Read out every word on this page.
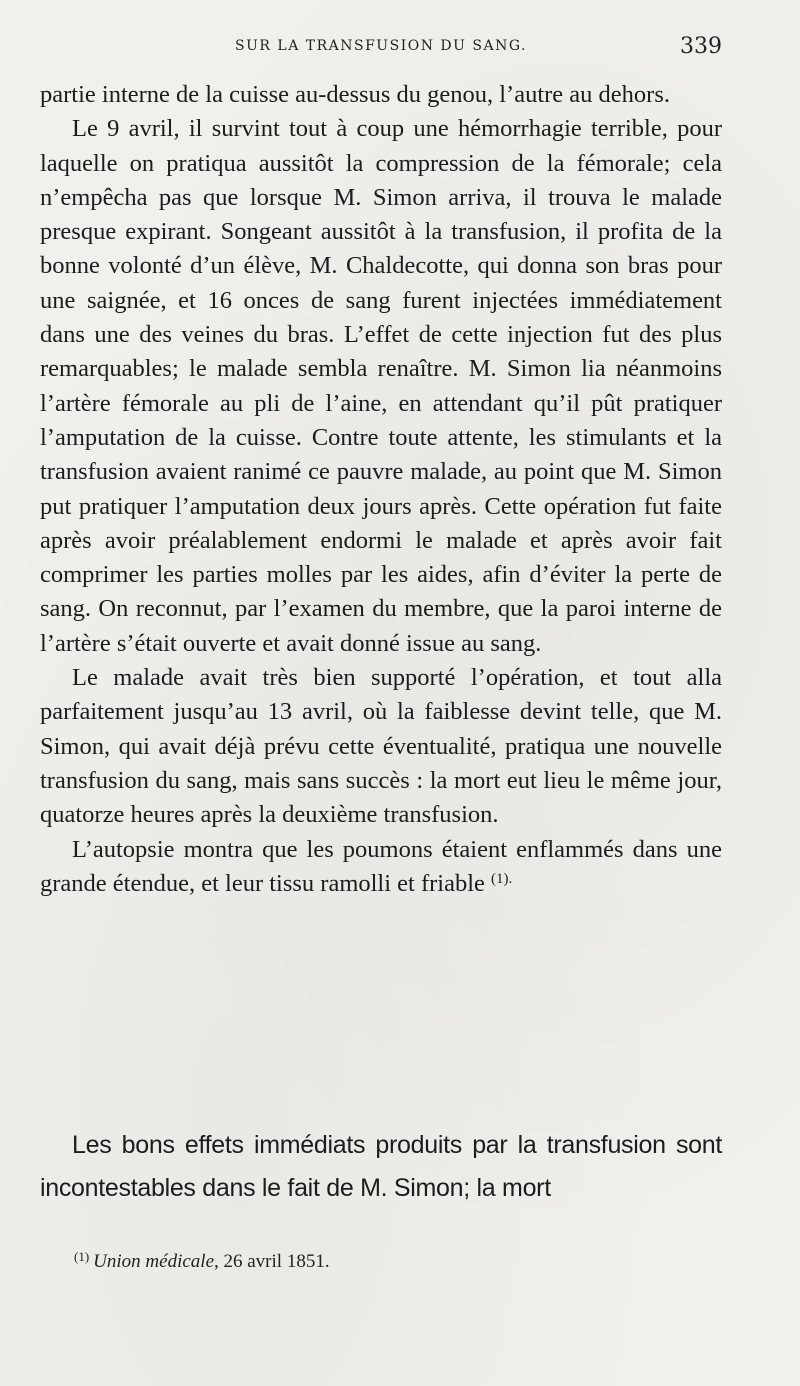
SUR LA TRANSFUSION DU SANG.	339

partie interne de la cuisse au-dessus du genou, l’autre au dehors.

Le 9 avril, il survint tout à coup une hémorrhagie terrible, pour laquelle on pratiqua aussitôt la compression de la fémorale; cela n’empêcha pas que lorsque M. Simon arriva, il trouva le malade presque expirant. Songeant aussitôt à la transfusion, il profita de la bonne volonté d’un élève, M. Chaldecotte, qui donna son bras pour une saignée, et 16 onces de sang furent injectées immédiatement dans une des veines du bras. L’effet de cette injection fut des plus remarquables; le malade sembla renaître. M. Simon lia néanmoins l’artère fémorale au pli de l’aine, en attendant qu’il pût pratiquer l’amputation de la cuisse. Contre toute attente, les stimulants et la transfusion avaient ranimé ce pauvre malade, au point que M. Simon put pratiquer l’amputation deux jours après. Cette opération fut faite après avoir préalablement endormi le malade et après avoir fait comprimer les parties molles par les aides, afin d’éviter la perte de sang. On reconnut, par l’examen du membre, que la paroi interne de l’artère s’était ouverte et avait donné issue au sang.

Le malade avait très bien supporté l’opération, et tout alla parfaitement jusqu’au 13 avril, où la faiblesse devint telle, que M. Simon, qui avait déjà prévu cette éventualité, pratiqua une nouvelle transfusion du sang, mais sans succès : la mort eut lieu le même jour, quatorze heures après la deuxième transfusion.

L’autopsie montra que les poumons étaient enflammés dans une grande étendue, et leur tissu ramolli et friable $^{(1).}$

Les bons effets immédiats produits par la transfusion sont incontestables dans le fait de M. Simon; la mort

$^{(1)}$ Union médicale, 26 avril 1851.
